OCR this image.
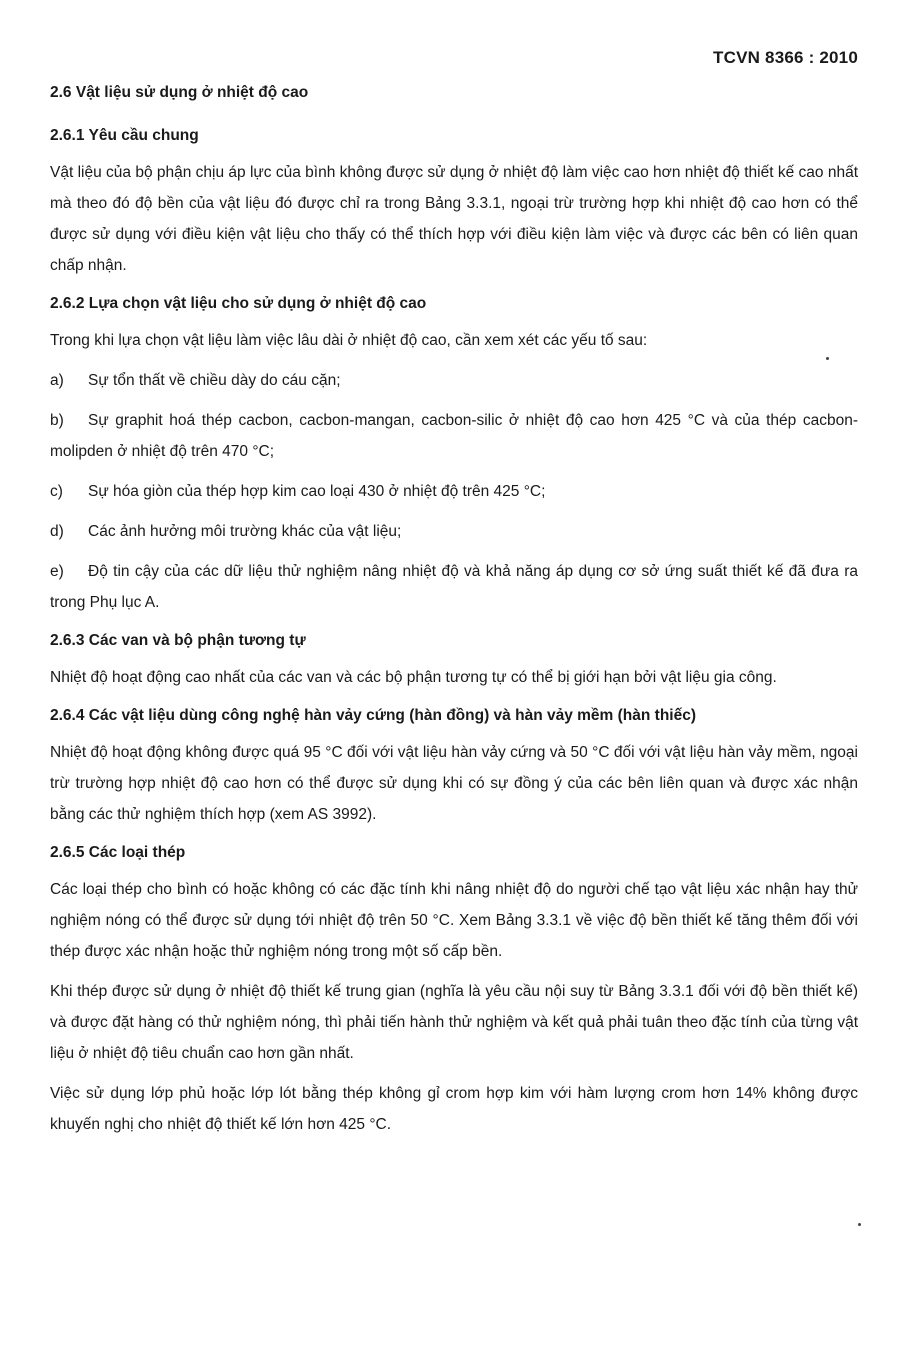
TCVN 8366 : 2010

2.6 Vật liệu sử dụng ở nhiệt độ cao

2.6.1 Yêu cầu chung

Vật liệu của bộ phận chịu áp lực của bình không được sử dụng ở nhiệt độ làm việc cao hơn nhiệt độ thiết kế cao nhất mà theo đó độ bền của vật liệu đó được chỉ ra trong Bảng 3.3.1, ngoại trừ trường hợp khi nhiệt độ cao hơn có thể được sử dụng với điều kiện vật liệu cho thấy có thể thích hợp với điều kiện làm việc và được các bên có liên quan chấp nhận.

2.6.2 Lựa chọn vật liệu cho sử dụng ở nhiệt độ cao

Trong khi lựa chọn vật liệu làm việc lâu dài ở nhiệt độ cao, cần xem xét các yếu tố sau:

a) Sự tổn thất về chiều dày do cáu cặn;

b) Sự graphit hoá thép cacbon, cacbon-mangan, cacbon-silic ở nhiệt độ cao hơn 425 °C và của thép cacbon-molipden ở nhiệt độ trên 470 °C;

c) Sự hóa giòn của thép hợp kim cao loại 430 ở nhiệt độ trên 425 °C;

d) Các ảnh hưởng môi trường khác của vật liệu;

e) Độ tin cậy của các dữ liệu thử nghiệm nâng nhiệt độ và khả năng áp dụng cơ sở ứng suất thiết kế đã đưa ra trong Phụ lục A.

2.6.3 Các van và bộ phận tương tự

Nhiệt độ hoạt động cao nhất của các van và các bộ phận tương tự có thể bị giới hạn bởi vật liệu gia công.

2.6.4 Các vật liệu dùng công nghệ hàn vảy cứng (hàn đồng) và hàn vảy mềm (hàn thiếc)

Nhiệt độ hoạt động không được quá 95 °C đối với vật liệu hàn vảy cứng và 50 °C đối với vật liệu hàn vảy mềm, ngoại trừ trường hợp nhiệt độ cao hơn có thể được sử dụng khi có sự đồng ý của các bên liên quan và được xác nhận bằng các thử nghiệm thích hợp (xem AS 3992).

2.6.5 Các loại thép

Các loại thép cho bình có hoặc không có các đặc tính khi nâng nhiệt độ do người chế tạo vật liệu xác nhận hay thử nghiệm nóng có thể được sử dụng tới nhiệt độ trên 50 °C. Xem Bảng 3.3.1 về việc độ bền thiết kế tăng thêm đối với thép được xác nhận hoặc thử nghiệm nóng trong một số cấp bền.

Khi thép được sử dụng ở nhiệt độ thiết kế trung gian (nghĩa là yêu cầu nội suy từ Bảng 3.3.1 đối với độ bền thiết kế) và được đặt hàng có thử nghiệm nóng, thì phải tiến hành thử nghiệm và kết quả phải tuân theo đặc tính của từng vật liệu ở nhiệt độ tiêu chuẩn cao hơn gần nhất.

Việc sử dụng lớp phủ hoặc lớp lót bằng thép không gỉ crom hợp kim với hàm lượng crom hơn 14% không được khuyến nghị cho nhiệt độ thiết kế lớn hơn 425 °C.
